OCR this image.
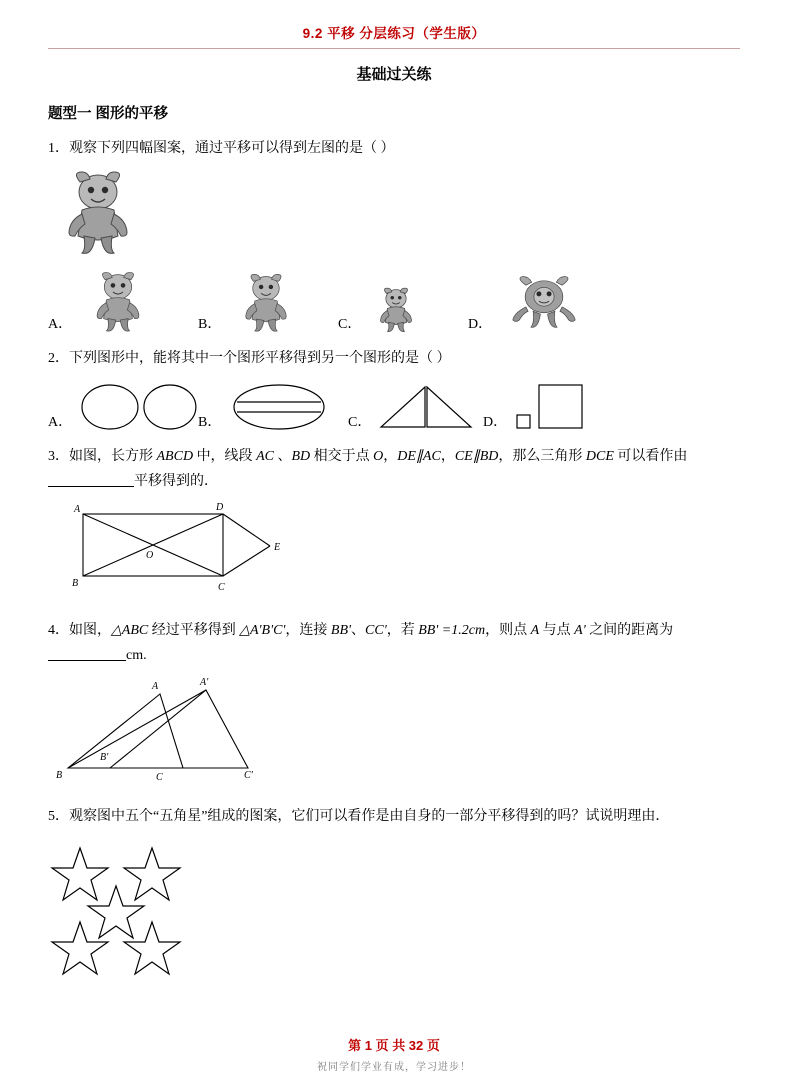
9.2 平移 分层练习（学生版）
基础过关练
题型一 图形的平移
1．观察下列四幅图案，通过平移可以得到左图的是（ ）
A．	B．	C．	D．
2．下列图形中，能将其中一个图形平移得到另一个图形的是（ ）
A．	B．	C．	D．
3．如图，长方形 ABCD 中，线段 AC 、BD 相交于点 O，DE∥AC，CE∥BD，那么三角形 DCE 可以看作由平移得到的．
A	D
O
E
B	C
4．如图，△ABC 经过平移得到 △A'B'C'，连接 BB'、CC'，若 BB' =1.2cm，则点 A 与点 A' 之间的距离为cm.
A	A'
B'
B	C	C'
5．观察图中五个“五角星”组成的图案，它们可以看作是由自身的一部分平移得到的吗？试说明理由．
第 1 页 共 32 页
祝同学们学业有成，学习进步！
